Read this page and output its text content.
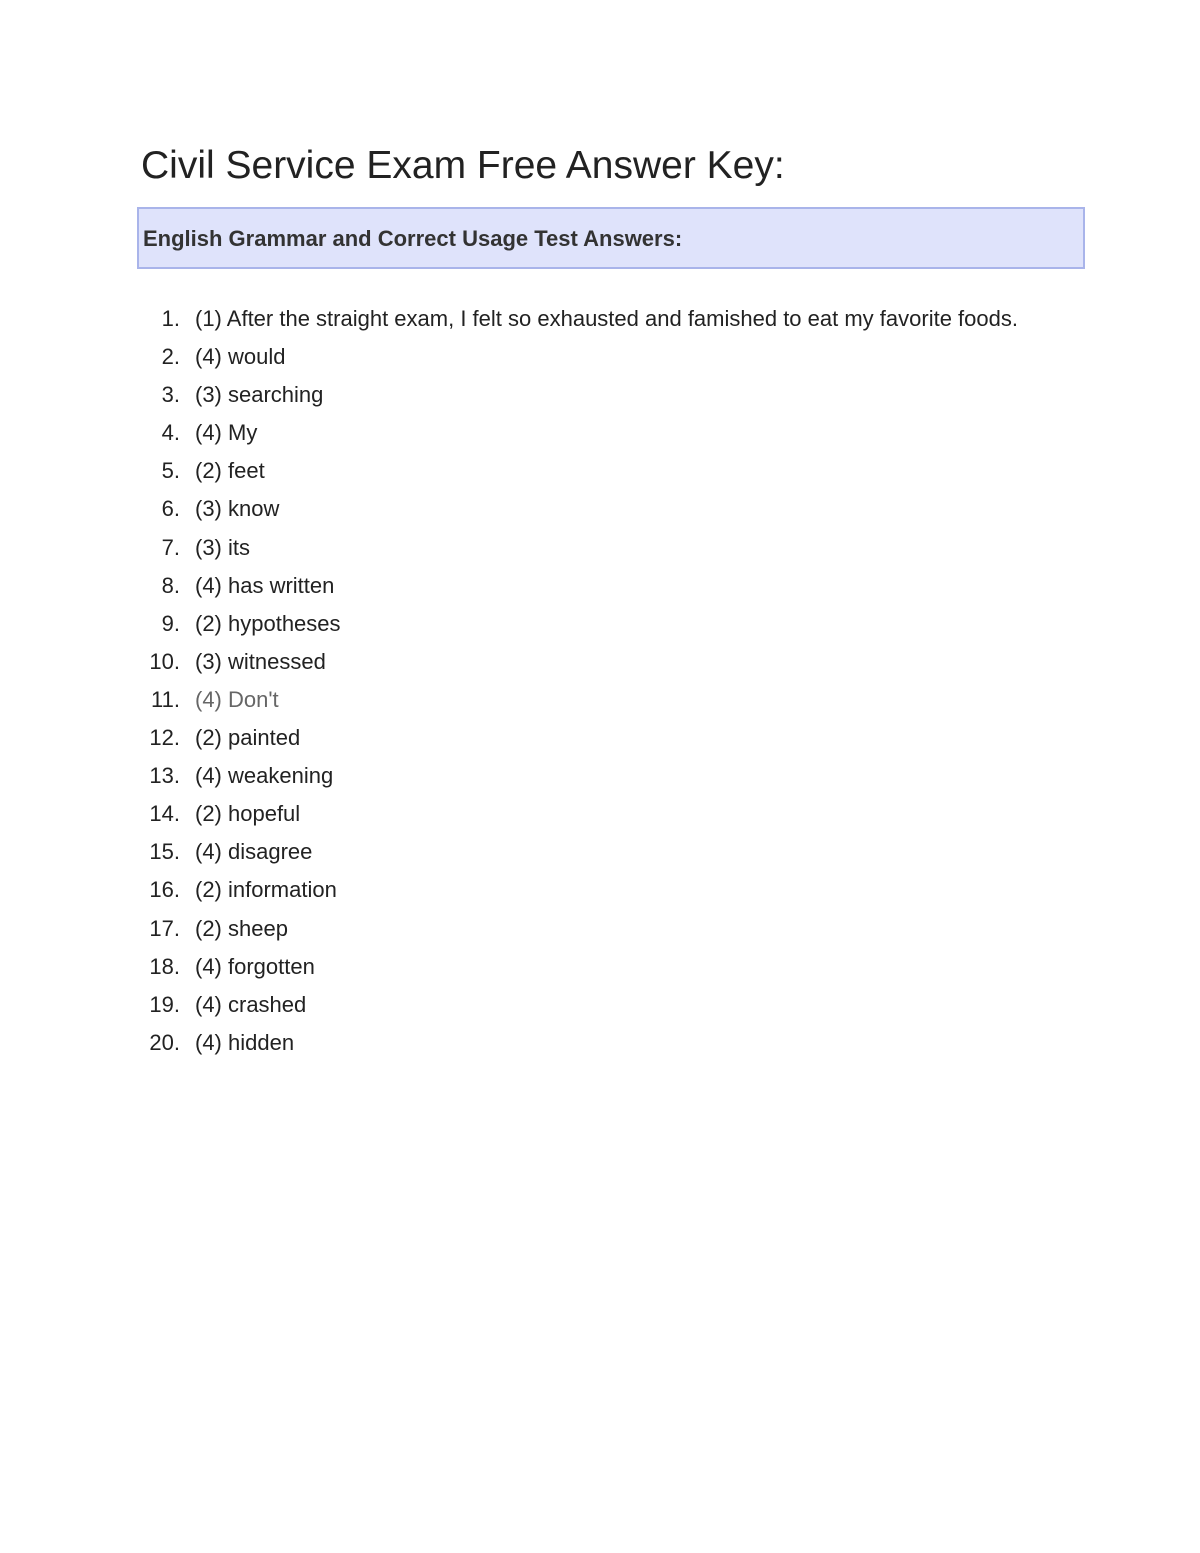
Civil Service Exam Free Answer Key:
English Grammar and Correct Usage Test Answers:
1. (1) After the straight exam, I felt so exhausted and famished to eat my favorite foods.
2. (4) would
3. (3) searching
4. (4) My
5. (2) feet
6. (3) know
7. (3) its
8. (4) has written
9. (2) hypotheses
10. (3) witnessed
11. (4) Don't
12. (2) painted
13. (4) weakening
14. (2) hopeful
15. (4) disagree
16. (2) information
17. (2) sheep
18. (4) forgotten
19. (4) crashed
20. (4) hidden
